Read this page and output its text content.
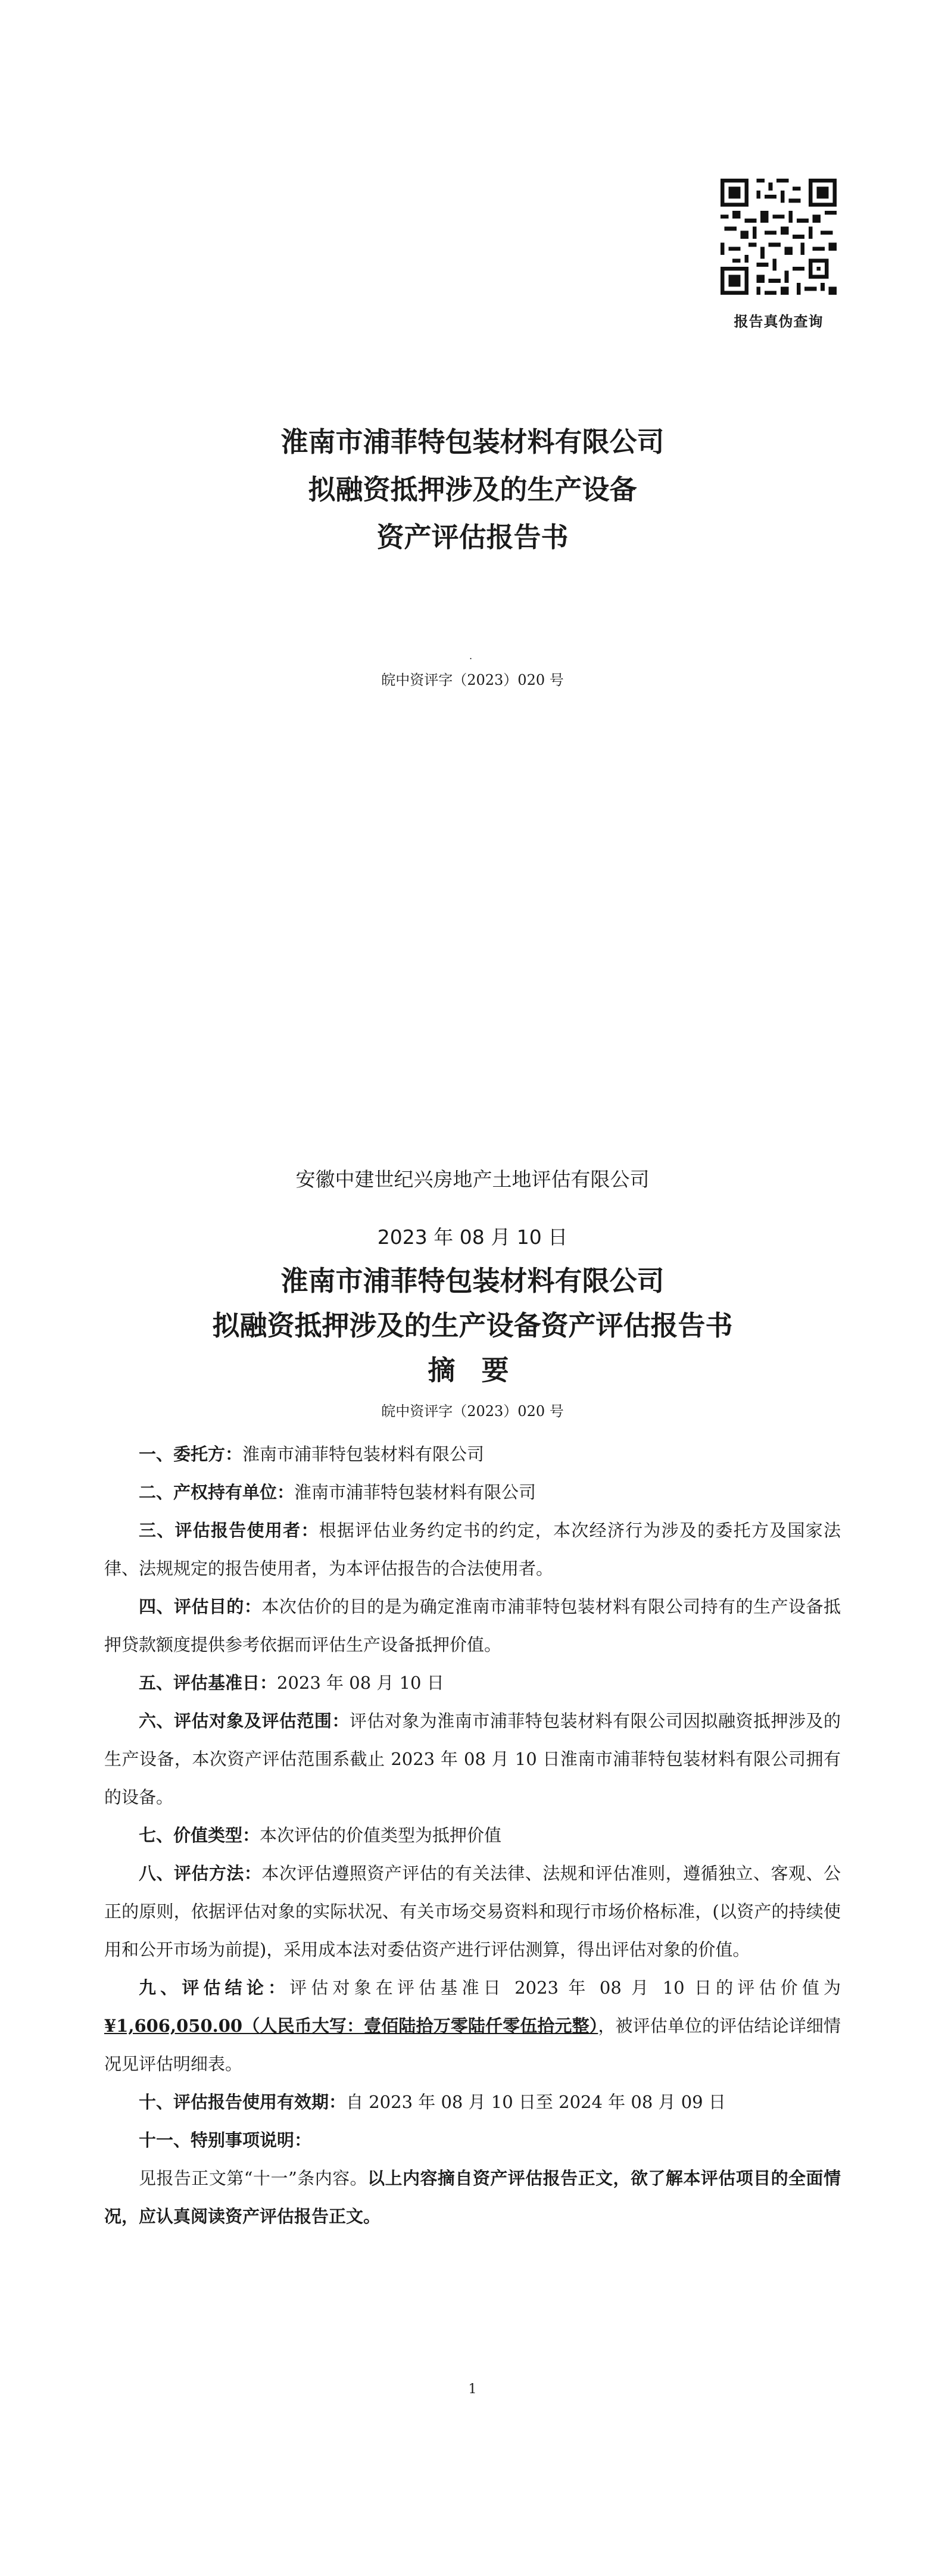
报告真伪查询
淮南市浦菲特包装材料有限公司
拟融资抵押涉及的生产设备
资产评估报告书
.
皖中资评字（2023）020 号
安徽中建世纪兴房地产土地评估有限公司
2023 年 08 月 10 日
淮南市浦菲特包装材料有限公司
拟融资抵押涉及的生产设备资产评估报告书
摘 要
皖中资评字（2023）020 号

一、委托方：淮南市浦菲特包装材料有限公司

二、产权持有单位：淮南市浦菲特包装材料有限公司

三、评估报告使用者：根据评估业务约定书的约定，本次经济行为涉及的委托方及国家法律、法规规定的报告使用者，为本评估报告的合法使用者。

四、评估目的：本次估价的目的是为确定淮南市浦菲特包装材料有限公司持有的生产设备抵押贷款额度提供参考依据而评估生产设备抵押价值。

五、评估基准日：2023 年 08 月 10 日

六、评估对象及评估范围：评估对象为淮南市浦菲特包装材料有限公司因拟融资抵押涉及的生产设备，本次资产评估范围系截止 2023 年 08 月 10 日淮南市浦菲特包装材料有限公司拥有的设备。

七、价值类型：本次评估的价值类型为抵押价值

八、评估方法：本次评估遵照资产评估的有关法律、法规和评估准则，遵循独立、客观、公正的原则，依据评估对象的实际状况、有关市场交易资料和现行市场价格标准，(以资产的持续使用和公开市场为前提)，采用成本法对委估资产进行评估测算，得出评估对象的价值。

九、评估结论：评估对象在评估基准日 2023 年 08 月 10 日的评估价值为¥1,606,050.00（人民币大写：壹佰陆拾万零陆仟零伍拾元整），被评估单位的评估结论详细情况见评估明细表。

十、评估报告使用有效期：自 2023 年 08 月 10 日至 2024 年 08 月 09 日

十一、特别事项说明：

见报告正文第“十一”条内容。以上内容摘自资产评估报告正文，欲了解本评估项目的全面情况，应认真阅读资产评估报告正文。

1
